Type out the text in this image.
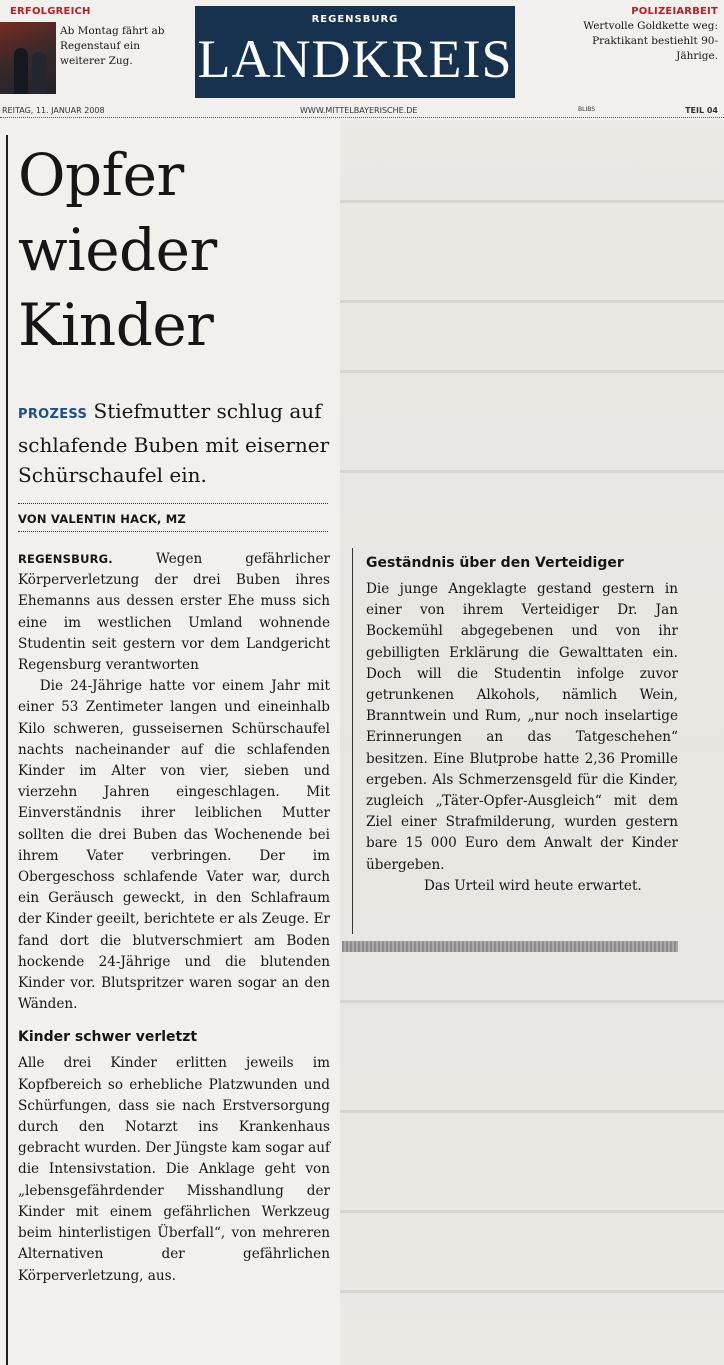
ERFOLGREICH
Ab Montag fährt ab Regenstauf ein weiterer Zug.
REGENSBURG
LANDKREIS
POLIZEIARBEIT
Wertvolle Goldkette weg: Praktikant bestiehlt 90-Jährige.
REITAG, 11. JANUAR 2008	WWW.MITTELBAYERISCHE.DE	BLIBS	TEIL 04
Opfer
wieder
Kinder
PROZESS Stiefmutter schlug auf schlafende Buben mit eiserner Schürschaufel ein.
VON VALENTIN HACK, MZ

REGENSBURG.	Wegen gefährlicher Körperverletzung der drei Buben ihres Ehemanns aus dessen erster Ehe muss sich eine im westlichen Umland wohnende Studentin seit gestern vor dem Landgericht Regensburg verantworten

Die 24-Jährige hatte vor einem Jahr mit einer 53 Zentimeter langen und eineinhalb Kilo schweren, gusseisernen Schürschaufel nachts nacheinander auf die schlafenden Kinder im Alter von vier, sieben und vierzehn Jahren eingeschlagen. Mit Einverständnis ihrer leiblichen Mutter sollten die drei Buben das Wochenende bei ihrem Vater verbringen. Der im Obergeschoss schlafende Vater war, durch ein Geräusch geweckt, in den Schlafraum der Kinder geeilt, berichtete er als Zeuge. Er fand dort die blutverschmiert am Boden hockende 24-Jährige und die blutenden Kinder vor. Blutspritzer waren sogar an den Wänden.

Kinder schwer verletzt

Alle drei Kinder erlitten jeweils im Kopfbereich so erhebliche Platzwunden und Schürfungen, dass sie nach Erstversorgung durch den Notarzt ins Krankenhaus gebracht wurden. Der Jüngste kam sogar auf die Intensivstation. Die Anklage geht von „lebensgefährdender Misshandlung der Kinder mit einem gefährlichen Werkzeug beim hinterlistigen Überfall“, von mehreren Alternativen der gefährlichen Körperverletzung, aus.

Geständnis über den Verteidiger

Die junge Angeklagte gestand gestern in einer von ihrem Verteidiger Dr. Jan Bockemühl abgegebenen und von ihr gebilligten Erklärung die Gewalttaten ein. Doch will die Studentin infolge zuvor getrunkenen Alkohols, nämlich Wein, Branntwein und Rum, „nur noch inselartige Erinnerungen an das Tatgeschehen“ besitzen. Eine Blutprobe hatte 2,36 Promille ergeben. Als Schmerzensgeld für die Kinder, zugleich „Täter-Opfer-Ausgleich“ mit dem Ziel einer Strafmilderung, wurden gestern bare 15 000 Euro dem Anwalt der Kinder übergeben.

Das Urteil wird heute erwartet.
